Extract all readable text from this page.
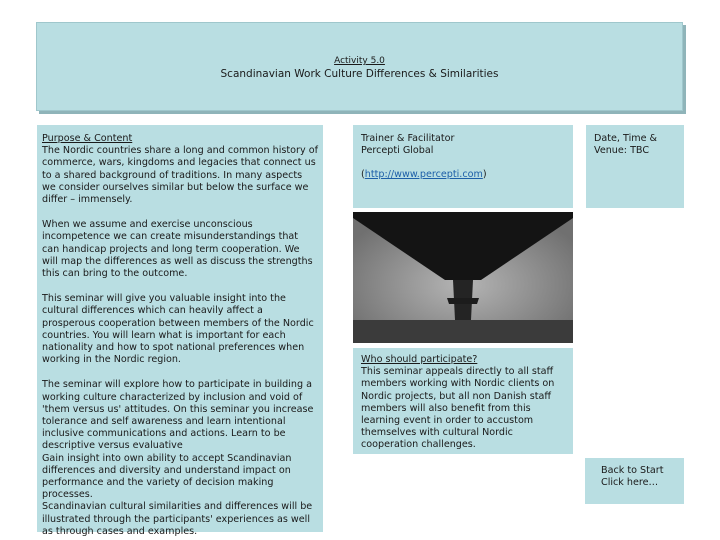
Activity 5.0
Scandinavian Work Culture Differences & Similarities

Purpose & Content
The Nordic countries share a long and common history of commerce, wars, kingdoms and legacies that connect us to a shared background of traditions. In many aspects we consider ourselves similar but below the surface we differ – immensely.

When we assume and exercise unconscious incompetence we can create misunderstandings that can handicap projects and long term cooperation. We will map the differences as well as discuss the strengths this can bring to the outcome.

This seminar will give you valuable insight into the cultural differences which can heavily affect a prosperous cooperation between members of the Nordic countries. You will learn what is important for each nationality and how to spot national preferences when working in the Nordic region.

The seminar will explore how to participate in building a working culture characterized by inclusion and void of 'them versus us' attitudes. On this seminar you increase tolerance and self awareness and learn intentional inclusive communications and actions. Learn to be descriptive versus evaluative
Gain insight into own ability to accept Scandinavian differences and diversity and understand impact on performance and the variety of decision making processes.
Scandinavian cultural similarities and differences will be illustrated through the participants' experiences as well as through cases and examples.

Trainer & Facilitator
Percepti Global
(http://www.percepti.com)
Date, Time & Venue: TBC
Who should participate?
This seminar appeals directly to all staff members working with Nordic clients on Nordic projects, but all non Danish staff members will also benefit from this learning event in order to accustom themselves with cultural Nordic cooperation challenges.
Back to Start
Click here…
